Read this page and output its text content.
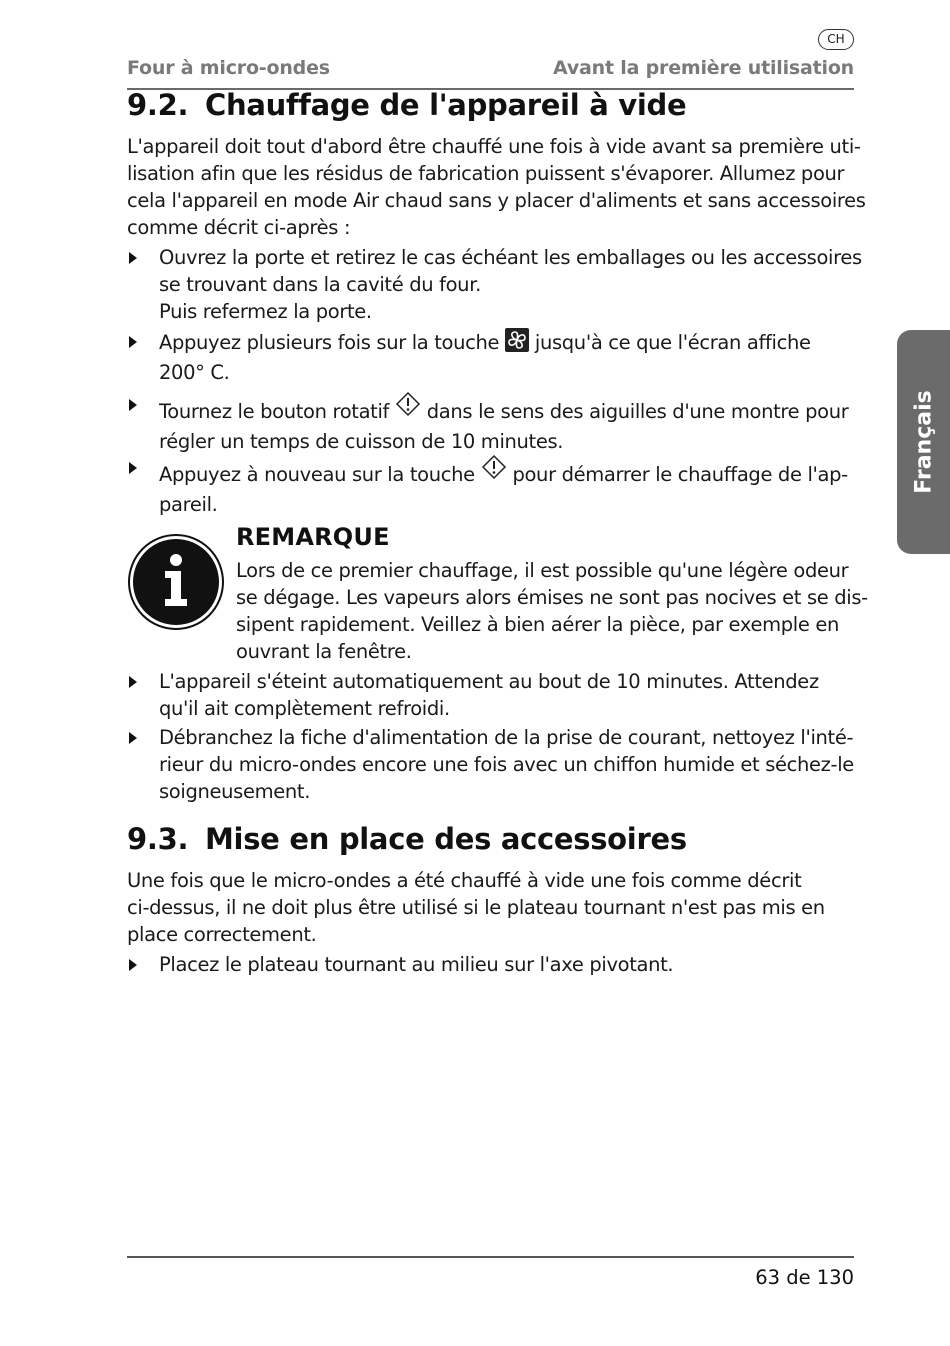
CH
Four à micro-ondes	Avant la première utilisation
Français
9.2. Chauffage de l'appareil à vide

L'appareil doit tout d'abord être chauffé une fois à vide avant sa première uti-
lisation afin que les résidus de fabrication puissent s'évaporer. Allumez pour
cela l'appareil en mode Air chaud sans y placer d'aliments et sans accessoires
comme décrit ci-après :

Ouvrez la porte et retirez le cas échéant les emballages ou les accessoires
se trouvant dans la cavité du four.
Puis refermez la porte.
Appuyez plusieurs fois sur la touche jusqu'à ce que l'écran affiche
200° C.
Tournez le bouton rotatif dans le sens des aiguilles d'une montre pour
régler un temps de cuisson de 10 minutes.
Appuyez à nouveau sur la touche pour démarrer le chauffage de l'ap-
pareil.
REMARQUE

Lors de ce premier chauffage, il est possible qu'une légère odeur
se dégage. Les vapeurs alors émises ne sont pas nocives et se dis-
sipent rapidement. Veillez à bien aérer la pièce, par exemple en
ouvrant la fenêtre.

L'appareil s'éteint automatiquement au bout de 10 minutes. Attendez
qu'il ait complètement refroidi.
Débranchez la fiche d'alimentation de la prise de courant, nettoyez l'inté-
rieur du micro-ondes encore une fois avec un chiffon humide et séchez-le
soigneusement.
9.3. Mise en place des accessoires

Une fois que le micro-ondes a été chauffé à vide une fois comme décrit
ci-dessus, il ne doit plus être utilisé si le plateau tournant n'est pas mis en
place correctement.

Placez le plateau tournant au milieu sur l'axe pivotant.
63 de 130
